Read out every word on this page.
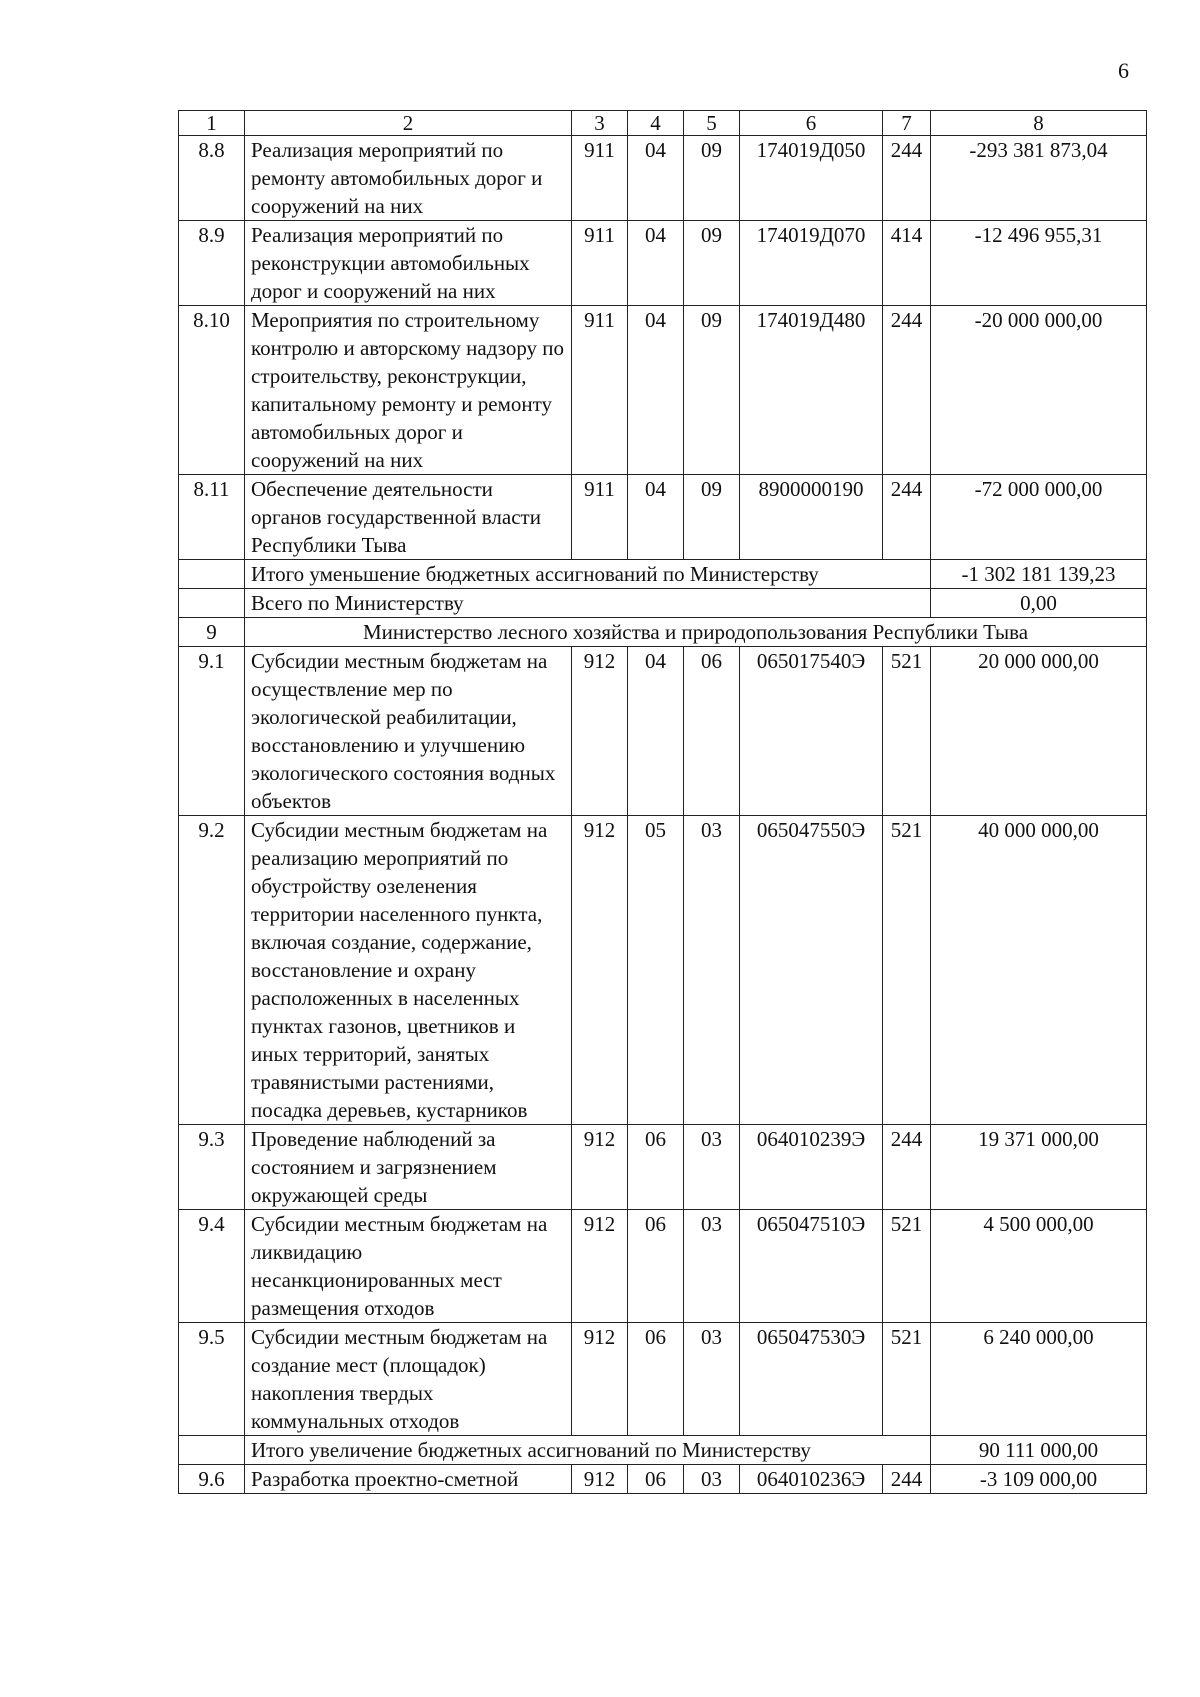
6
1	2	3	4	5	6	7	8
8.8	Реализация мероприятий по ремонту автомобильных дорог и сооружений на них	911	04	09	174019Д050	244	-293 381 873,04
8.9	Реализация мероприятий по реконструкции автомобильных дорог и сооружений на них	911	04	09	174019Д070	414	-12 496 955,31
8.10	Мероприятия по строительному контролю и авторскому надзору по строительству, реконструкции, капитальному ремонту и ремонту автомобильных дорог и сооружений на них	911	04	09	174019Д480	244	-20 000 000,00
8.11	Обеспечение деятельности органов государственной власти Республики Тыва	911	04	09	8900000190	244	-72 000 000,00
	Итого уменьшение бюджетных ассигнований по Министерству						-1 302 181 139,23
	Всего по Министерству						0,00
9	Министерство лесного хозяйства и природопользования Республики Тыва						
9.1	Субсидии местным бюджетам на осуществление мер по экологической реабилитации, восстановлению и улучшению экологического состояния водных объектов	912	04	06	065017540Э	521	20 000 000,00
9.2	Субсидии местным бюджетам на реализацию мероприятий по обустройству озеленения территории населенного пункта, включая создание, содержание, восстановление и охрану расположенных в населенных пунктах газонов, цветников и иных территорий, занятых травянистыми растениями, посадка деревьев, кустарников	912	05	03	065047550Э	521	40 000 000,00
9.3	Проведение наблюдений за состоянием и загрязнением окружающей среды	912	06	03	064010239Э	244	19 371 000,00
9.4	Субсидии местным бюджетам на ликвидацию несанкционированных мест размещения отходов	912	06	03	065047510Э	521	4 500 000,00
9.5	Субсидии местным бюджетам на создание мест (площадок) накопления твердых коммунальных отходов	912	06	03	065047530Э	521	6 240 000,00
	Итого увеличение бюджетных ассигнований по Министерству						90 111 000,00
9.6	Разработка проектно-сметной	912	06	03	064010236Э	244	-3 109 000,00
